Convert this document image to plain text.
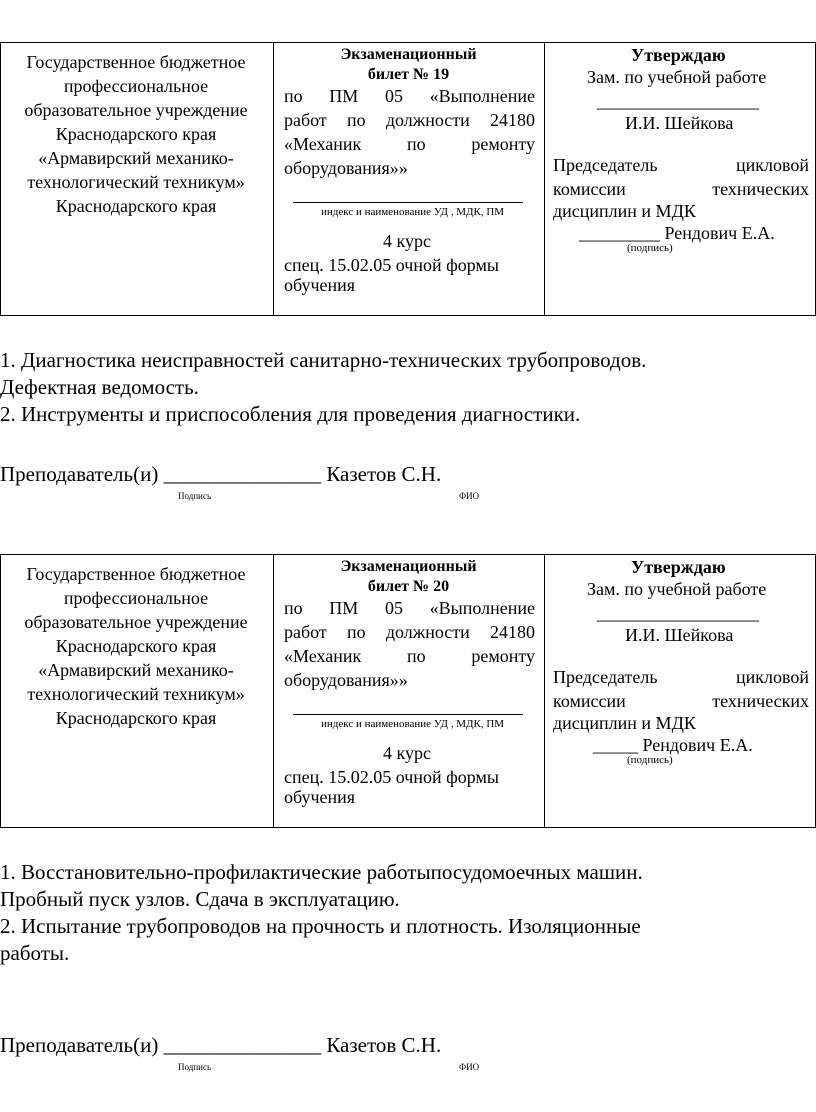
Государственное бюджетное профессиональное образовательное учреждение Краснодарского края «Армавирский механико-технологический техникум» Краснодарского края
Экзаменационный
билет № 19
по ПМ 05 «Выполнение
работ по должности 24180
«Механик по ремонту
оборудования»»
индекс и наименование УД , МДК, ПМ
4 курс
спец. 15.02.05 очной формы
обучения
Утверждаю
Зам. по учебной работе
__________________
И.И. Шейкова
Председатель цикловой
комиссии технических
дисциплин и МДК
_________ Рендович Е.А.
(подпись)
1. Диагностика неисправностей санитарно-технических трубопроводов.
Дефектная ведомость.
2. Инструменты и приспособления для проведения диагностики.
Преподаватель(и) _______________ Казетов С.Н.
Подпись	ФИО
Государственное бюджетное профессиональное образовательное учреждение Краснодарского края «Армавирский механико-технологический техникум» Краснодарского края
Экзаменационный
билет № 20
по ПМ 05 «Выполнение
работ по должности 24180
«Механик по ремонту
оборудования»»
индекс и наименование УД , МДК, ПМ
4 курс
спец. 15.02.05 очной формы
обучения
Утверждаю
Зам. по учебной работе
__________________
И.И. Шейкова
Председатель цикловой
комиссии технических
дисциплин и МДК
_____ Рендович Е.А.
(подпись)
1. Восстановительно-профилактические работыпосудомоечных машин.
Пробный пуск узлов. Сдача в эксплуатацию.
2. Испытание трубопроводов на прочность и плотность. Изоляционные
работы.
Преподаватель(и) _______________ Казетов С.Н.
Подпись	ФИО
